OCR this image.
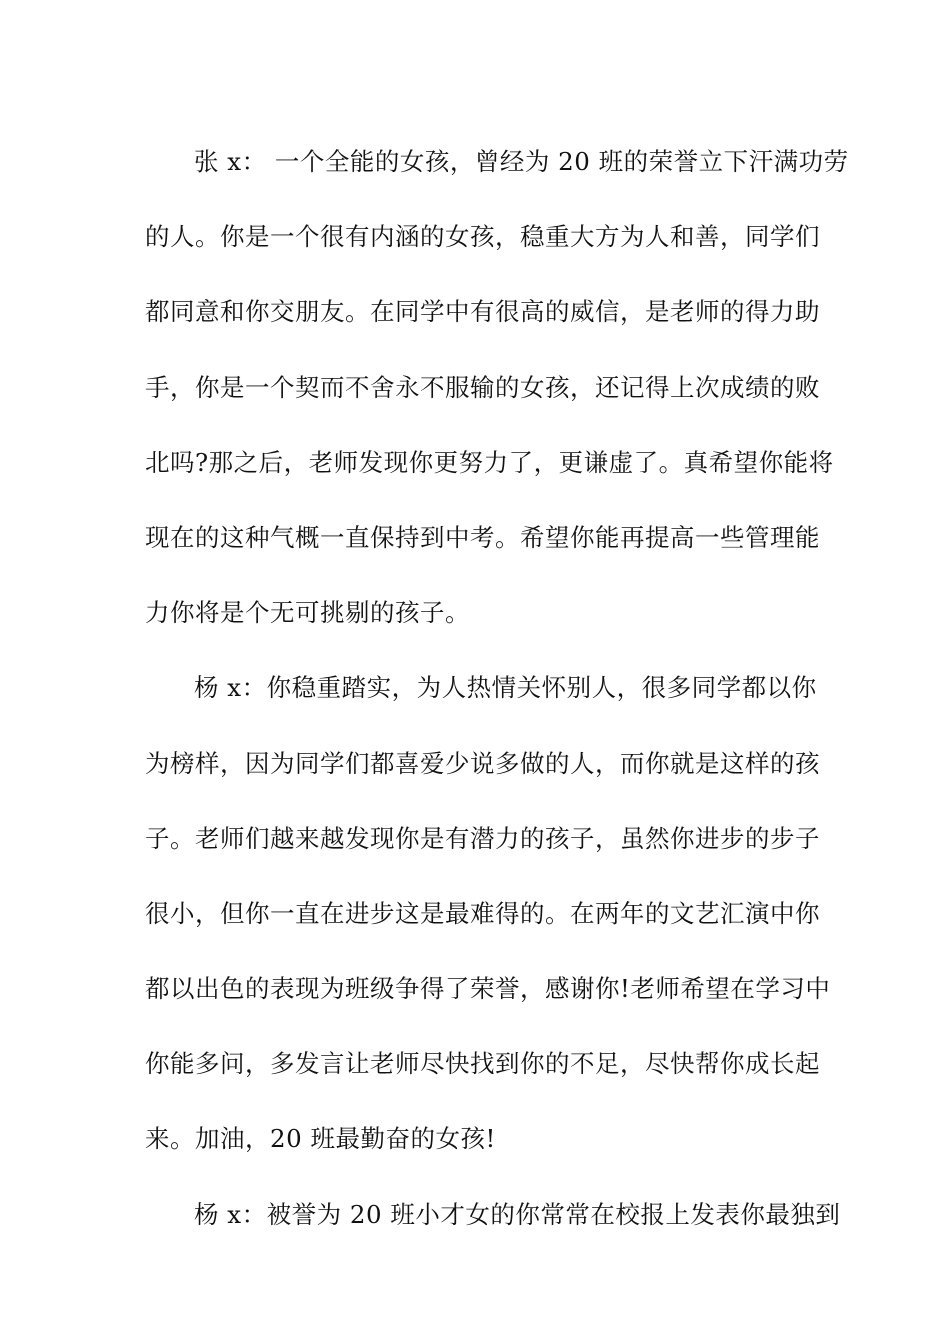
张 x： 一个全能的女孩，曾经为 20 班的荣誉立下汗满功劳
的人。你是一个很有内涵的女孩，稳重大方为人和善，同学们
都同意和你交朋友。在同学中有很高的威信，是老师的得力助
手，你是一个契而不舍永不服输的女孩，还记得上次成绩的败
北吗?那之后，老师发现你更努力了，更谦虚了。真希望你能将
现在的这种气概一直保持到中考。希望你能再提高一些管理能
力你将是个无可挑剔的孩子。
杨 x：你稳重踏实，为人热情关怀别人，很多同学都以你
为榜样，因为同学们都喜爱少说多做的人，而你就是这样的孩
子。老师们越来越发现你是有潜力的孩子，虽然你进步的步子
很小，但你一直在进步这是最难得的。在两年的文艺汇演中你
都以出色的表现为班级争得了荣誉，感谢你!老师希望在学习中
你能多问，多发言让老师尽快找到你的不足，尽快帮你成长起
来。加油，20 班最勤奋的女孩!
杨 x：被誉为 20 班小才女的你常常在校报上发表你最独到
